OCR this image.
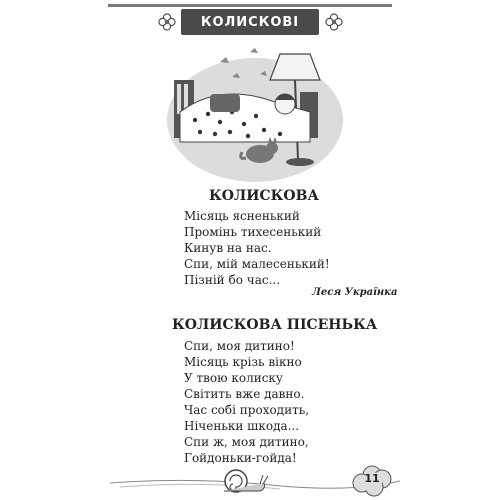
КОЛИСКОВІ
КОЛИСКОВА
Місяць ясненький
Промінь тихесенький
Кинув на нас.
Спи, мій малесенький!
Пізній бо час...
Леся Українка
КОЛИСКОВА ПІСЕНЬКА
Спи, моя дитино!
Місяць крізь вікно
У твою колиску
Світить вже давно.
Час собі проходить,
Ніченьки шкода...
Спи ж, моя дитино,
Гойдоньки-гойда!
11
